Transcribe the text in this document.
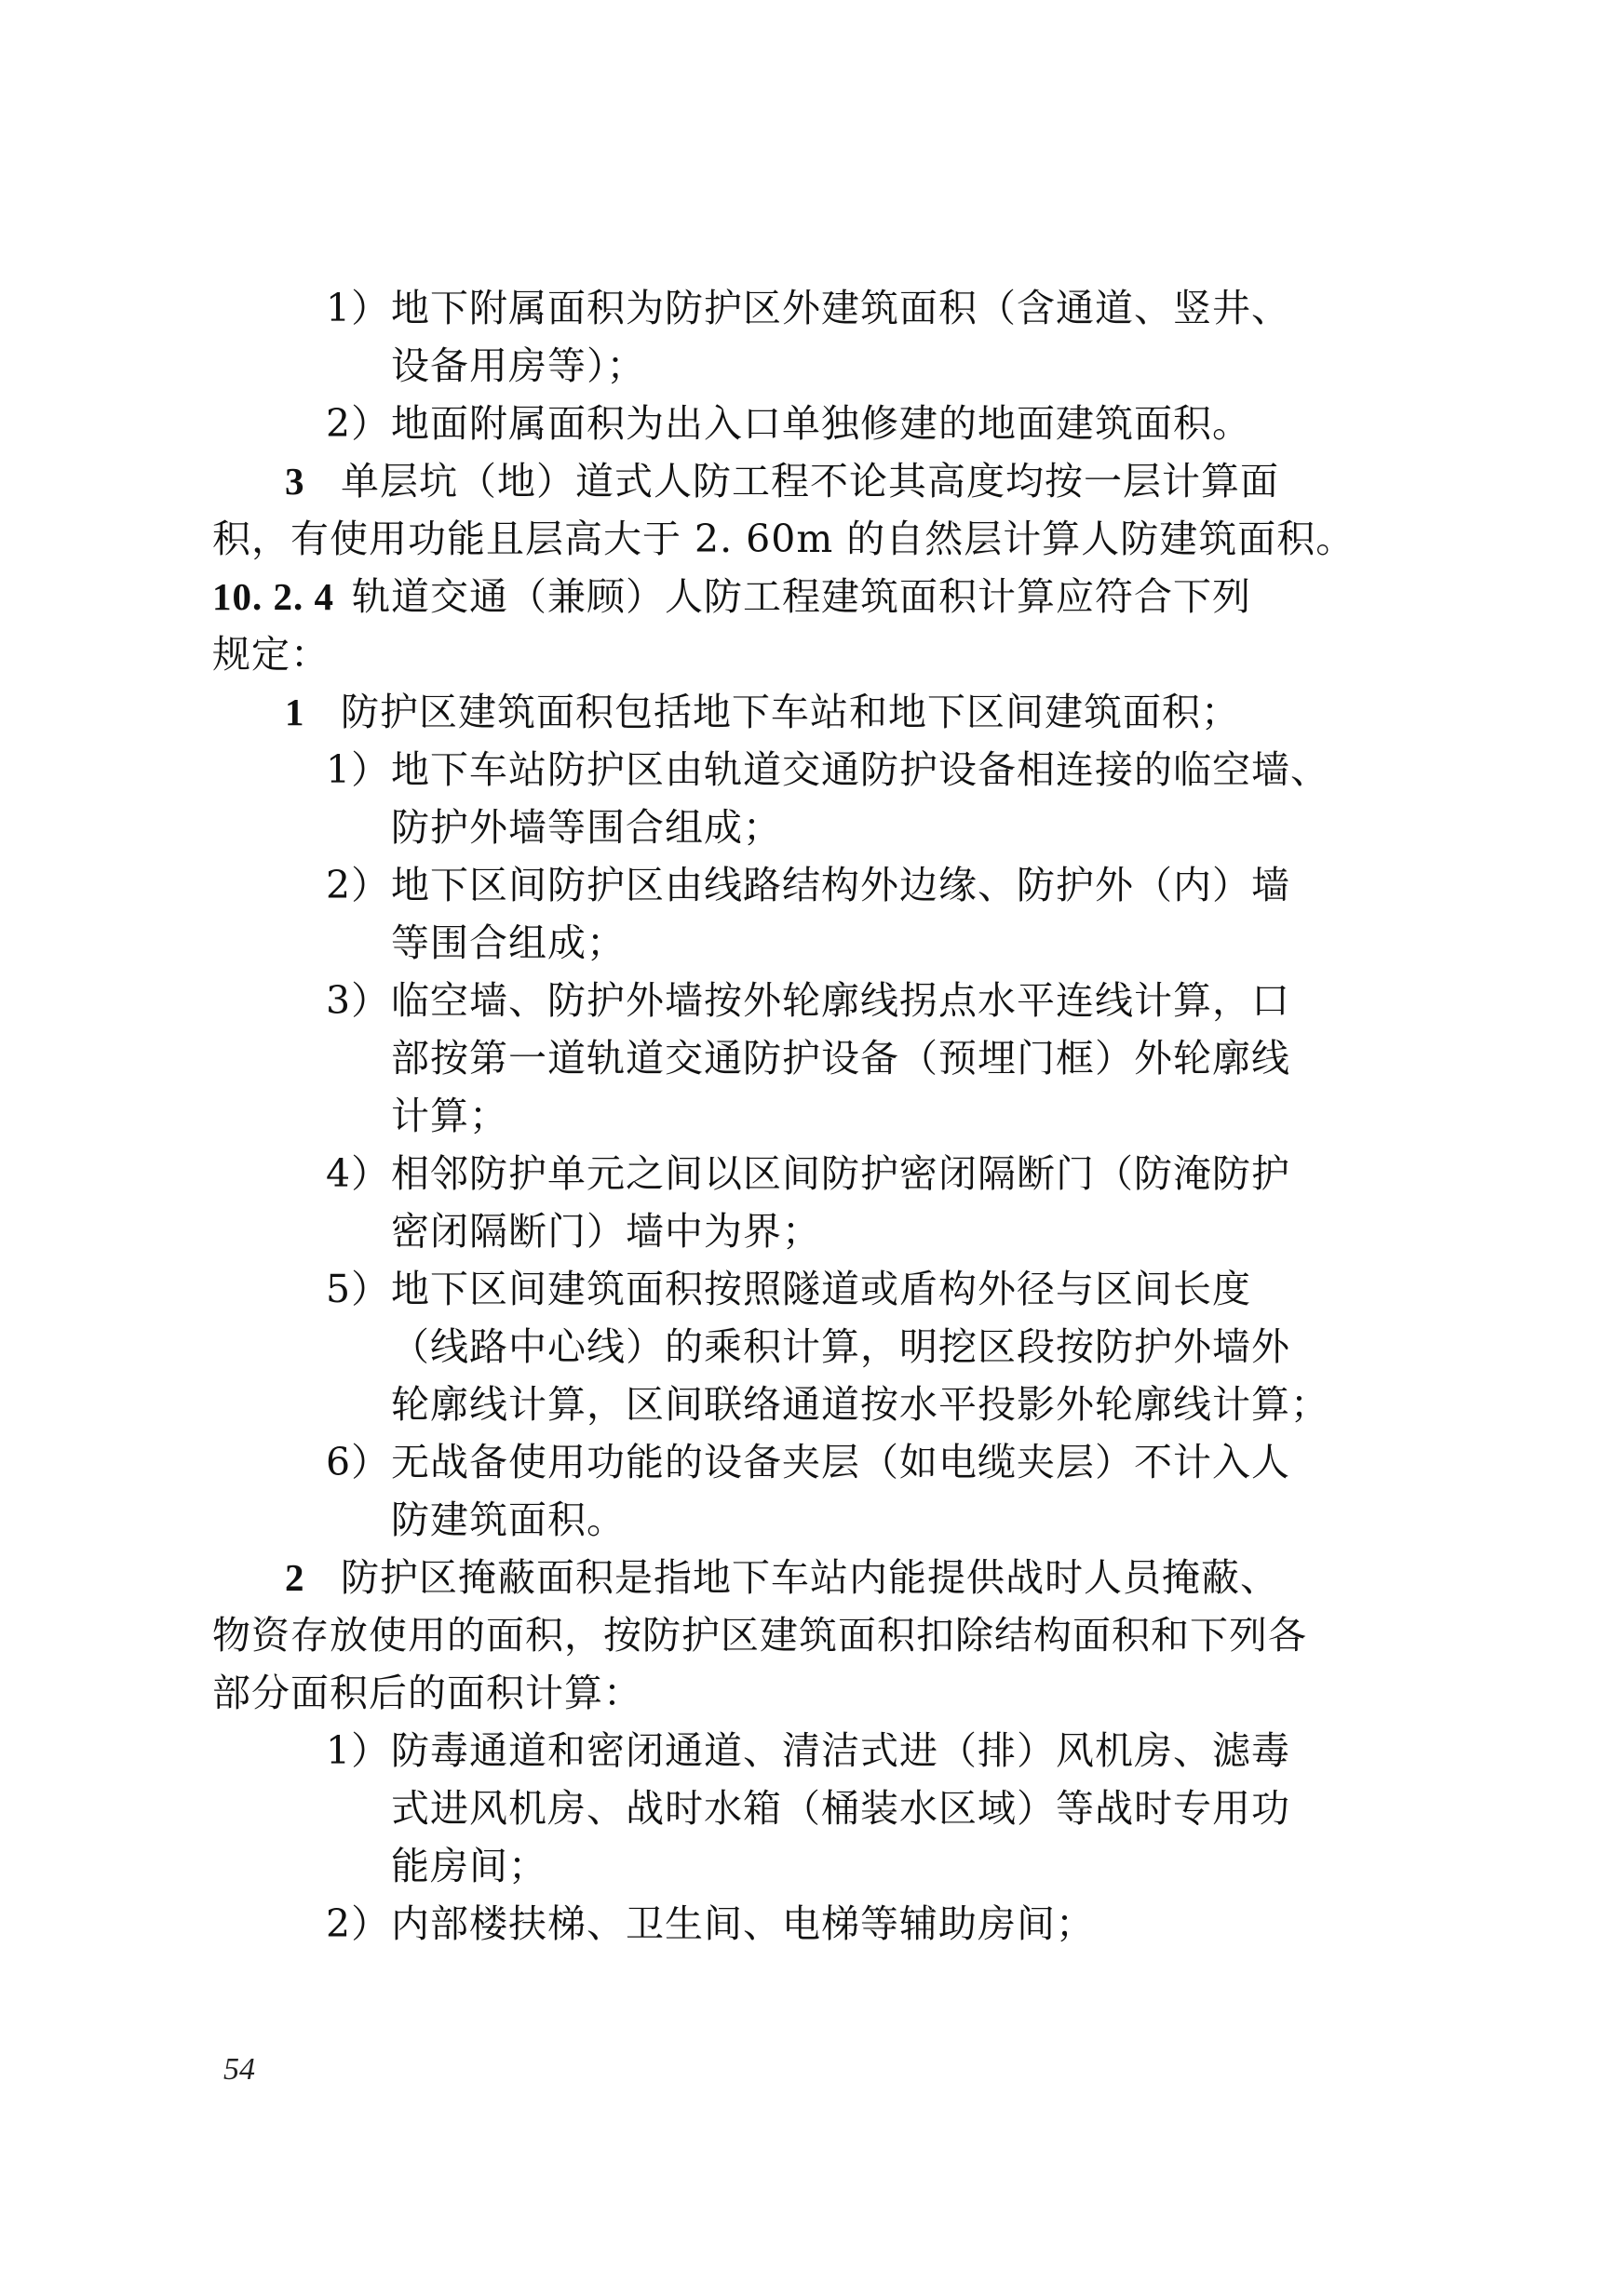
1）地下附属面积为防护区外建筑面积（含通道、竖井、
设备用房等）；
2）地面附属面积为出入口单独修建的地面建筑面积。
3 单层坑（地）道式人防工程不论其高度均按一层计算面
积，有使用功能且层高大于 2. 60m 的自然层计算人防建筑面积。
10. 2. 4 轨道交通（兼顾）人防工程建筑面积计算应符合下列
规定：
1 防护区建筑面积包括地下车站和地下区间建筑面积；
1）地下车站防护区由轨道交通防护设备相连接的临空墙、
防护外墙等围合组成；
2）地下区间防护区由线路结构外边缘、防护外（内）墙
等围合组成；
3）临空墙、防护外墙按外轮廓线拐点水平连线计算，口
部按第一道轨道交通防护设备（预埋门框）外轮廓线
计算；
4）相邻防护单元之间以区间防护密闭隔断门（防淹防护
密闭隔断门）墙中为界；
5）地下区间建筑面积按照隧道或盾构外径与区间长度
（线路中心线）的乘积计算，明挖区段按防护外墙外
轮廓线计算，区间联络通道按水平投影外轮廓线计算；
6）无战备使用功能的设备夹层（如电缆夹层）不计入人
防建筑面积。
2 防护区掩蔽面积是指地下车站内能提供战时人员掩蔽、
物资存放使用的面积，按防护区建筑面积扣除结构面积和下列各
部分面积后的面积计算：
1）防毒通道和密闭通道、清洁式进（排）风机房、滤毒
式进风机房、战时水箱（桶装水区域）等战时专用功
能房间；
2）内部楼扶梯、卫生间、电梯等辅助房间；
54
